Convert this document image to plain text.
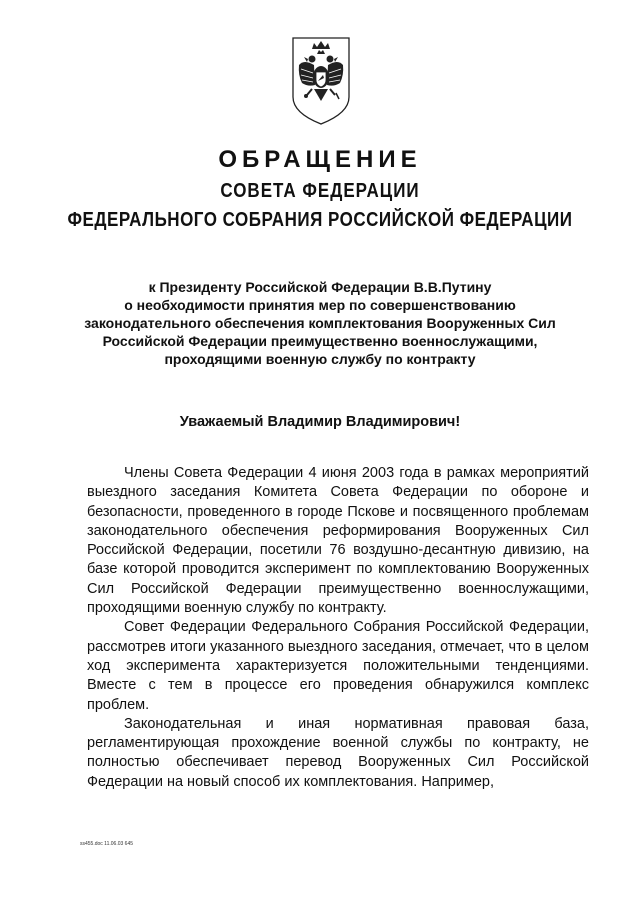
ОБРАЩЕНИЕ
СОВЕТА ФЕДЕРАЦИИ
ФЕДЕРАЛЬНОГО СОБРАНИЯ РОССИЙСКОЙ ФЕДЕРАЦИИ
к Президенту Российской Федерации В.В.Путину
о необходимости принятия мер по совершенствованию
законодательного обеспечения комплектования Вооруженных Сил
Российской Федерации преимущественно военнослужащими,
проходящими военную службу по контракту
Уважаемый Владимир Владимирович!

Члены Совета Федерации 4 июня 2003 года в рамках мероприятий выездного заседания Комитета Совета Федерации по обороне и безопасности, проведенного в городе Пскове и посвященного проблемам законодательного обеспечения реформирования Вооруженных Сил Российской Федерации, посетили 76 воздушно-десантную дивизию, на базе которой проводится эксперимент по комплектованию Вооруженных Сил Российской Федерации преимущественно военнослужащими, проходящими военную службу по контракту.

Совет Федерации Федерального Собрания Российской Федерации, рассмотрев итоги указанного выездного заседания, отмечает, что в целом ход эксперимента характеризуется положительными тенденциями. Вместе с тем в процессе его проведения обнаружился комплекс проблем.

Законодательная и иная нормативная правовая база, регламентирующая прохождение военной службы по контракту, не полностью обеспечивает перевод Вооруженных Сил Российской Федерации на новый способ их комплектования. Например,

ss455.doc 11.06.03 645
